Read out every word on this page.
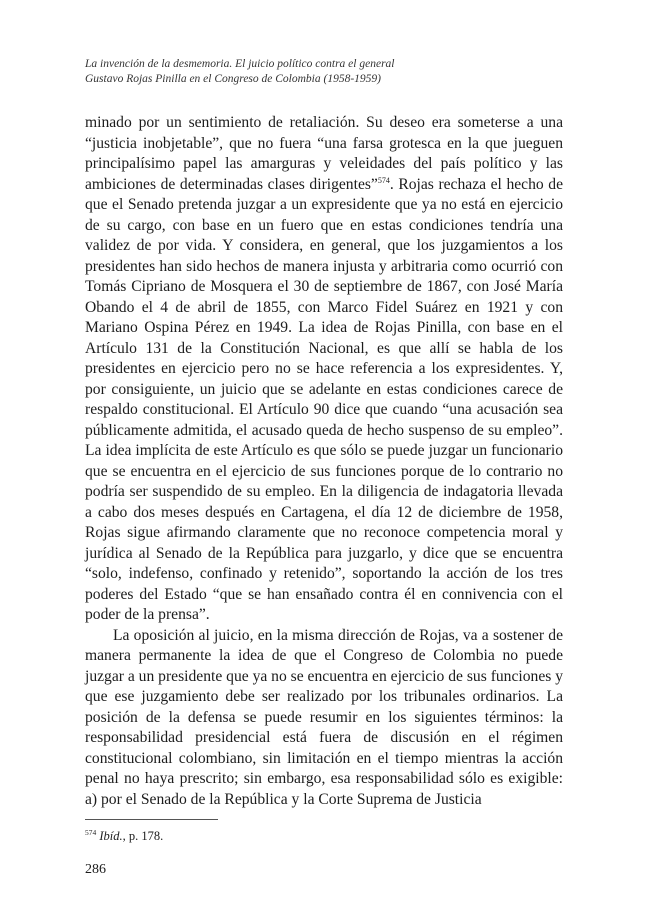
La invención de la desmemoria. El juicio político contra el general
Gustavo Rojas Pinilla en el Congreso de Colombia (1958-1959)

minado por un sentimiento de retaliación. Su deseo era someterse a una “justicia inobjetable”, que no fuera “una farsa grotesca en la que jueguen principalísimo papel las amarguras y veleidades del país político y las ambiciones de determinadas clases dirigentes”$^{574}$. Rojas rechaza el hecho de que el Senado pretenda juzgar a un expresidente que ya no está en ejercicio de su cargo, con base en un fuero que en estas condiciones tendría una validez de por vida. Y considera, en general, que los juzgamientos a los presidentes han sido hechos de manera injusta y arbitraria como ocurrió con Tomás Cipriano de Mosquera el 30 de septiembre de 1867, con José María Obando el 4 de abril de 1855, con Marco Fidel Suárez en 1921 y con Mariano Ospina Pérez en 1949. La idea de Rojas Pinilla, con base en el Artículo 131 de la Constitución Nacional, es que allí se habla de los presidentes en ejercicio pero no se hace referencia a los expresidentes. Y, por consiguiente, un juicio que se adelante en estas condiciones carece de respaldo constitucional. El Artículo 90 dice que cuando “una acusación sea públicamente admitida, el acusado queda de hecho suspenso de su empleo”. La idea implícita de este Artículo es que sólo se puede juzgar un funcionario que se encuentra en el ejercicio de sus funciones porque de lo contrario no podría ser suspendido de su empleo. En la diligencia de indagatoria llevada a cabo dos meses después en Cartagena, el día 12 de diciembre de 1958, Rojas sigue afirmando claramente que no reconoce competencia moral y jurídica al Senado de la República para juzgarlo, y dice que se encuentra “solo, indefenso, confinado y retenido”, soportando la acción de los tres poderes del Estado “que se han ensañado contra él en connivencia con el poder de la prensa”.

La oposición al juicio, en la misma dirección de Rojas, va a sostener de manera permanente la idea de que el Congreso de Colombia no puede juzgar a un presidente que ya no se encuentra en ejercicio de sus funciones y que ese juzgamiento debe ser realizado por los tribunales ordinarios. La posición de la defensa se puede resumir en los siguientes términos: la responsabilidad presidencial está fuera de discusión en el régimen constitucional colombiano, sin limitación en el tiempo mientras la acción penal no haya prescrito; sin embargo, esa responsabilidad sólo es exigible: a) por el Senado de la República y la Corte Suprema de Justicia

$^{574}$ Ibíd., p. 178.
286
